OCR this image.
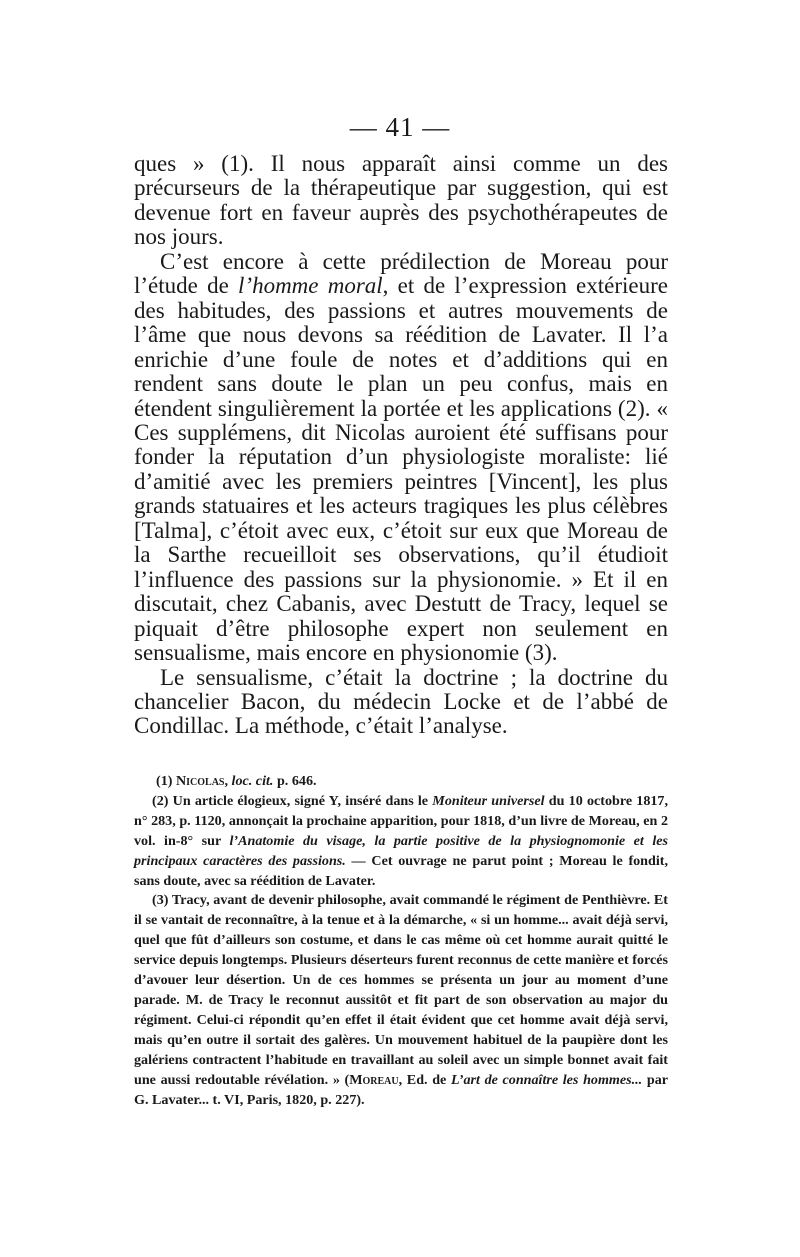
— 41 —

ques » (1). Il nous apparaît ainsi comme un des précurseurs de la thérapeutique par suggestion, qui est devenue fort en faveur auprès des psychothérapeutes de nos jours.

C’est encore à cette prédilection de Moreau pour l’étude de l’homme moral, et de l’expression extérieure des habitudes, des passions et autres mouvements de l’âme que nous devons sa réédition de Lavater. Il l’a enrichie d’une foule de notes et d’additions qui en rendent sans doute le plan un peu confus, mais en étendent singulièrement la portée et les applications (2). « Ces supplémens, dit Nicolas auroient été suffisans pour fonder la réputation d’un physiologiste moraliste: lié d’amitié avec les premiers peintres [Vincent], les plus grands statuaires et les acteurs tragiques les plus célèbres [Talma], c’étoit avec eux, c’étoit sur eux que Moreau de la Sarthe recueilloit ses observations, qu’il étudioit l’influence des passions sur la physionomie. » Et il en discutait, chez Cabanis, avec Destutt de Tracy, lequel se piquait d’être philosophe expert non seulement en sensualisme, mais encore en physionomie (3).

Le sensualisme, c’était la doctrine ; la doctrine du chancelier Bacon, du médecin Locke et de l’abbé de Condillac. La méthode, c’était l’analyse.

(1) Nicolas, loc. cit. p. 646.

(2) Un article élogieux, signé Y, inséré dans le Moniteur universel du 10 octobre 1817, n° 283, p. 1120, annonçait la prochaine apparition, pour 1818, d’un livre de Moreau, en 2 vol. in-8° sur l’Anatomie du visage, la partie positive de la physiognomonie et les principaux caractères des passions. — Cet ouvrage ne parut point ; Moreau le fondit, sans doute, avec sa réédition de Lavater.

(3) Tracy, avant de devenir philosophe, avait commandé le régiment de Penthièvre. Et il se vantait de reconnaître, à la tenue et à la démarche, « si un homme... avait déjà servi, quel que fût d’ailleurs son costume, et dans le cas même où cet homme aurait quitté le service depuis longtemps. Plusieurs déserteurs furent reconnus de cette manière et forcés d’avouer leur désertion. Un de ces hommes se présenta un jour au moment d’une parade. M. de Tracy le reconnut aussitôt et fit part de son observation au major du régiment. Celui-ci répondit qu’en effet il était évident que cet homme avait déjà servi, mais qu’en outre il sortait des galères. Un mouvement habituel de la paupière dont les galériens contractent l’habitude en travaillant au soleil avec un simple bonnet avait fait une aussi redoutable révélation. » (Moreau, Ed. de L’art de connaître les hommes... par G. Lavater... t. VI, Paris, 1820, p. 227).
